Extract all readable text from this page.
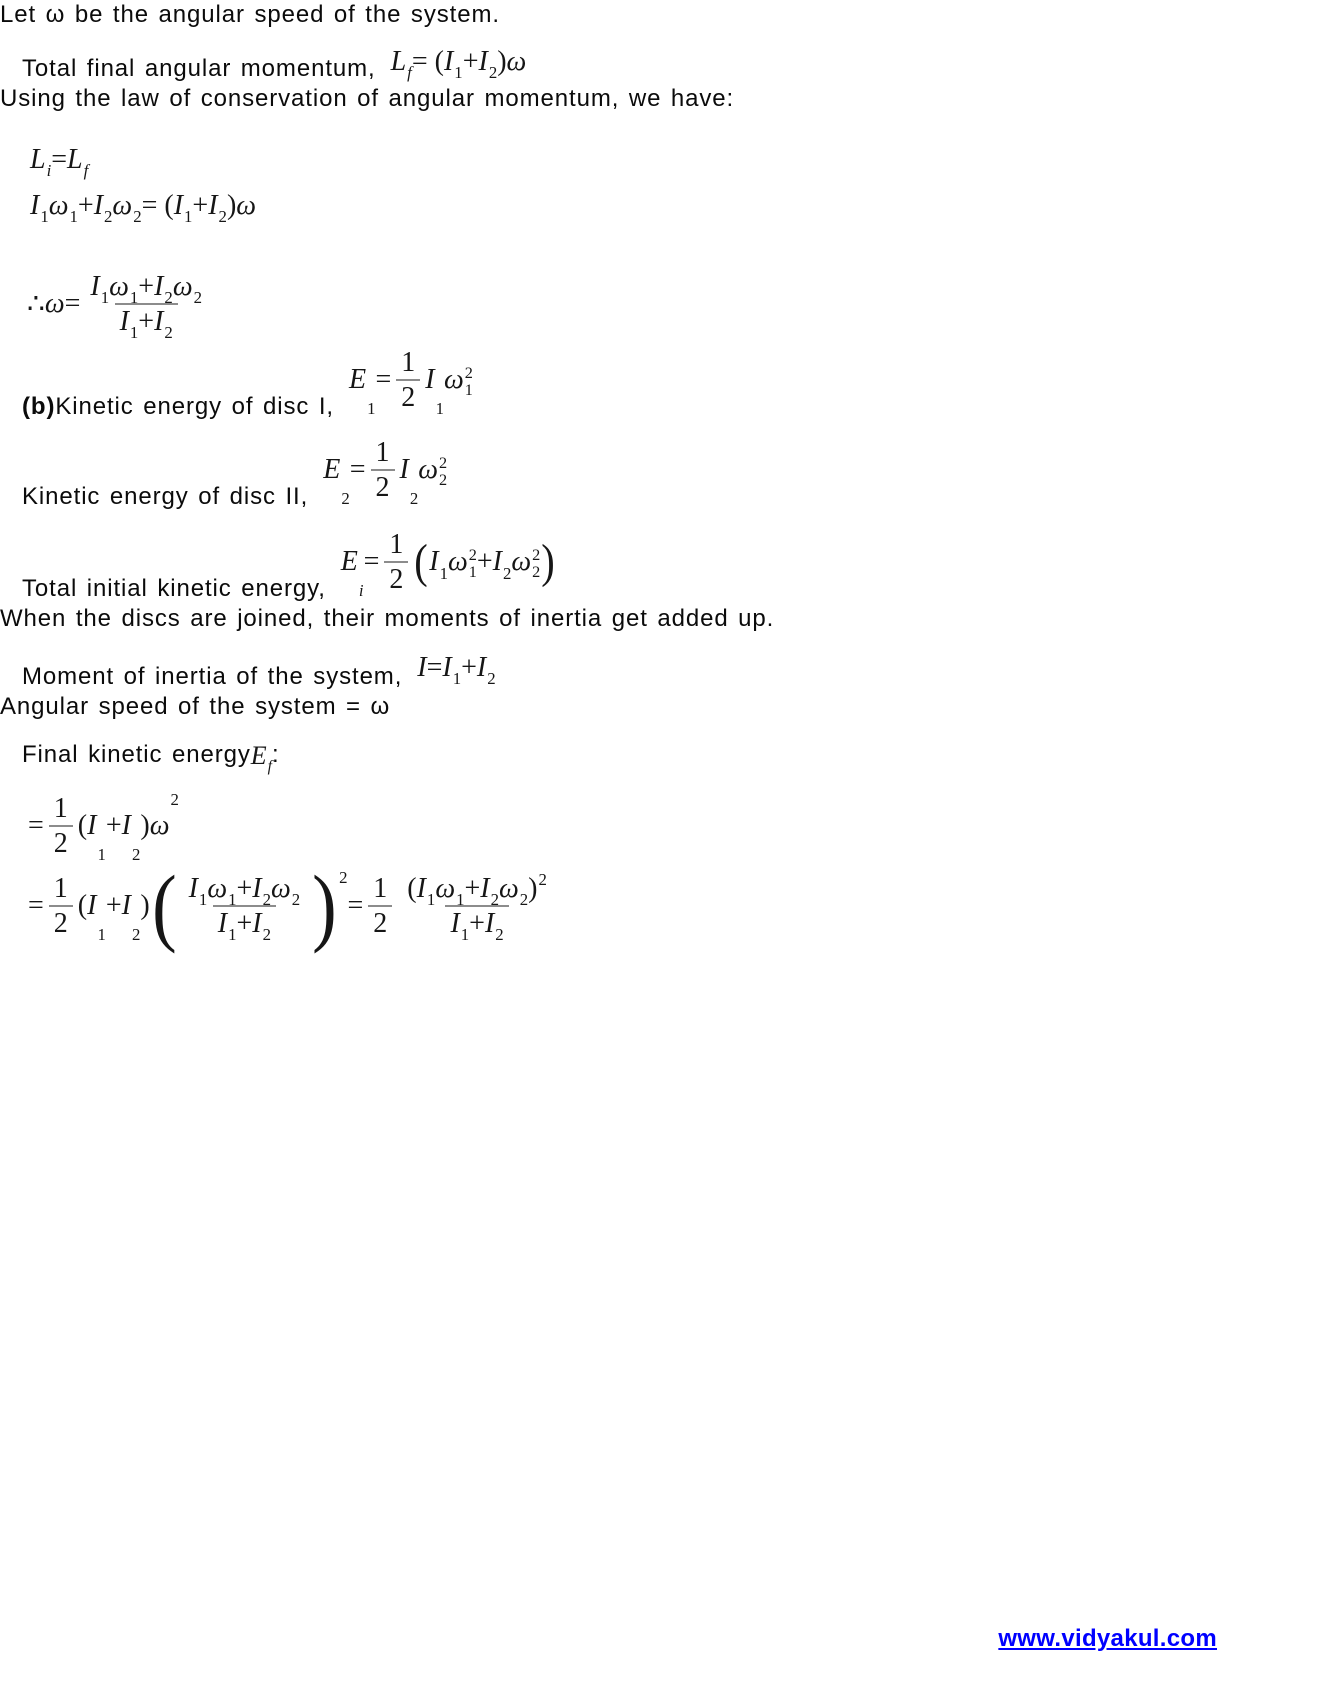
Let ω be the angular speed of the system.

Total final angular momentum, L f = ( I 1 + I 2 ) ω

Using the law of conservation of angular momentum, we have:

L i = L f
I 1 ω 1 + I 2 ω 2 = ( I 1 + I 2 ) ω
∴ $\omega = \frac{I 1 \omega 1 + I 2 \omega 2}{I 1 + I 2}$
(b)Kinetic energy of disc I,
E
1
= $\frac{1}{2}$ I
1
ω 2
1
Kinetic energy of disc II,
E
2
= $\frac{1}{2}$ I
2
ω 2
2
Total initial kinetic energy,
E
i
= $\frac{1}{2}$ ( I 1 ω 2
1 + I 2 ω 2
2 )

When the discs are joined, their moments of inertia get added up.

Moment of inertia of the system, I = I 1 + I 2

Angular speed of the system = ω

Final kinetic energy E f :
= $\frac{1}{2}$ ( I
1
+ I
2
) ω
2
= $\frac{1}{2}$ ( I
1
+ I
2
) ( $\frac{I 1 \omega 1 + I 2 \omega 2}{I 1 + I 2}$ ) 2
= $\frac{1}{2} \frac{( I 1 \omega 1 + I 2 \omega 2 ) 2}{I 1 + I 2}$
www.vidyakul.com
